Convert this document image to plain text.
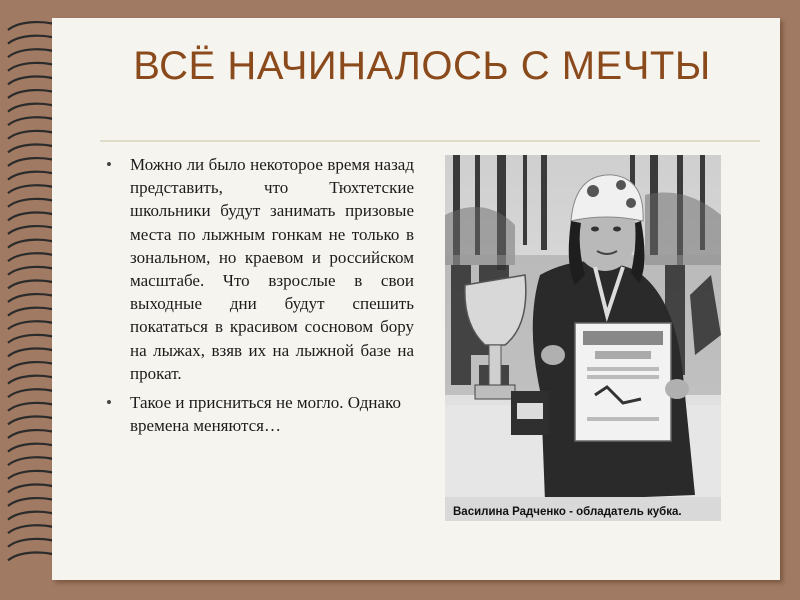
ВСЁ НАЧИНАЛОСЬ С МЕЧТЫ
• Можно ли было некоторое время назад представить, что Тюхтетские школьники будут занимать призовые места по лыжным гонкам не только в зональном, но краевом и российском масштабе. Что взрослые в свои выходные дни будут спешить покататься в красивом сосновом бору на лыжах, взяв их на лыжной базе на прокат.
• Такое и присниться не могло. Однако времена меняются…
Василина Радченко - обладатель кубка.
